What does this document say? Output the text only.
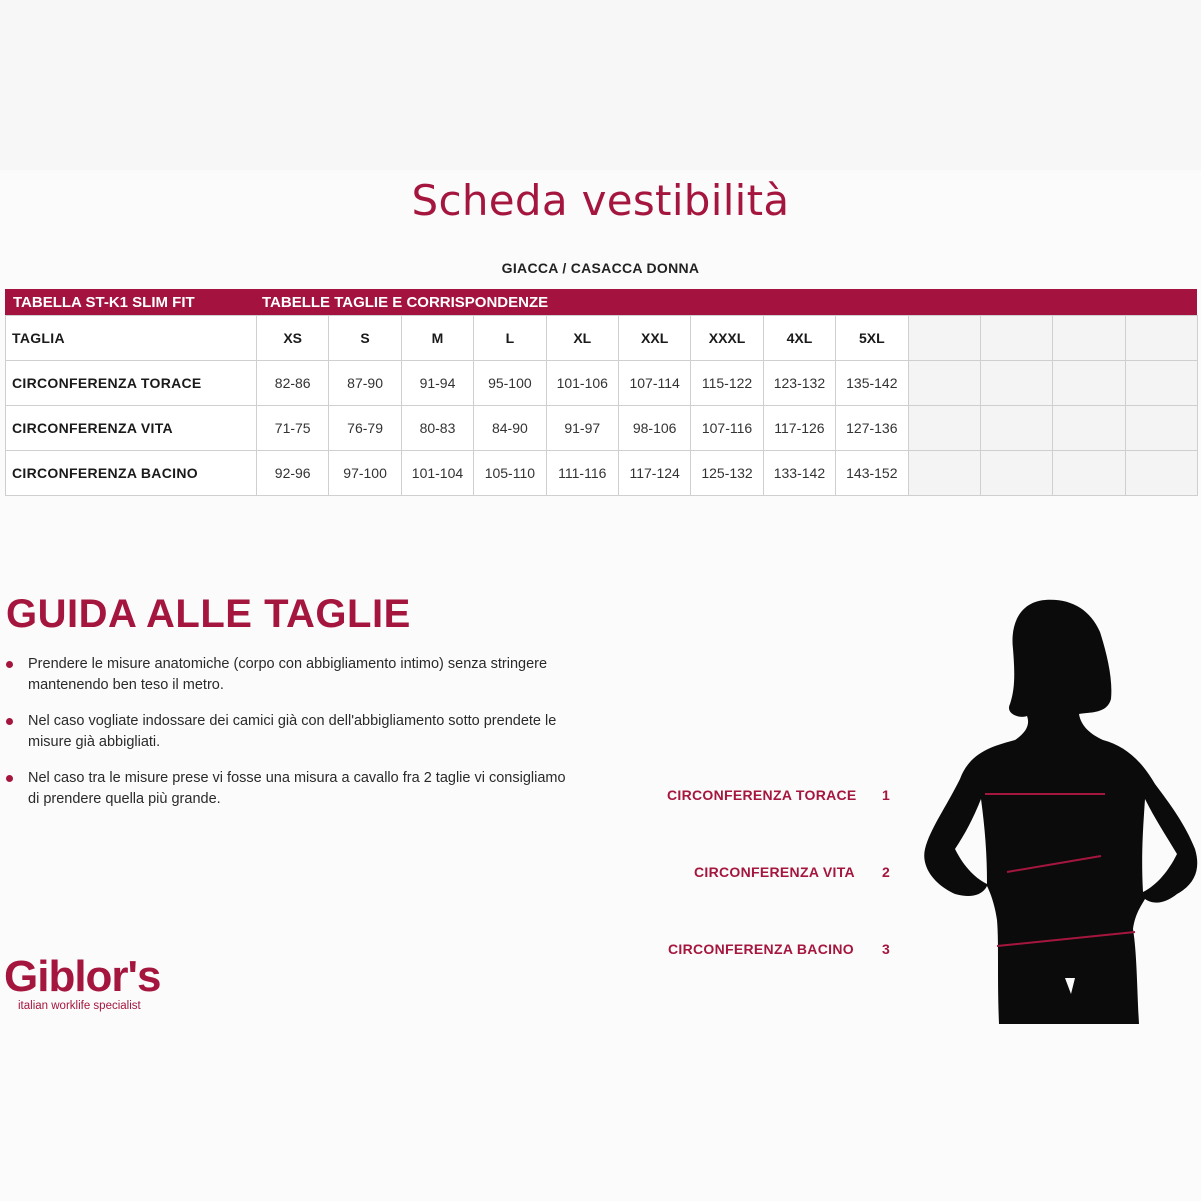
Scheda vestibilità
GIACCA / CASACCA DONNA
TABELLA ST-K1 SLIM FIT	TABELLE TAGLIE E CORRISPONDENZE
TAGLIA	XS	S	M	L	XL	XXL	XXXL	4XL	5XL				
CIRCONFERENZA TORACE	82-86	87-90	91-94	95-100	101-106	107-114	115-122	123-132	135-142				
CIRCONFERENZA VITA	71-75	76-79	80-83	84-90	91-97	98-106	107-116	117-126	127-136				
CIRCONFERENZA BACINO	92-96	97-100	101-104	105-110	111-116	117-124	125-132	133-142	143-152				
GUIDA ALLE TAGLIE
Prendere le misure anatomiche (corpo con abbigliamento intimo) senza stringere mantenendo ben teso il metro.
Nel caso vogliate indossare dei camici già con dell'abbigliamento sotto prendete le misure già abbigliati.
Nel caso tra le misure prese vi fosse una misura a cavallo fra 2 taglie vi consigliamo di prendere quella più grande.
Giblor's
italian worklife specialist
CIRCONFERENZA TORACE 1
CIRCONFERENZA VITA 2
CIRCONFERENZA BACINO 3
